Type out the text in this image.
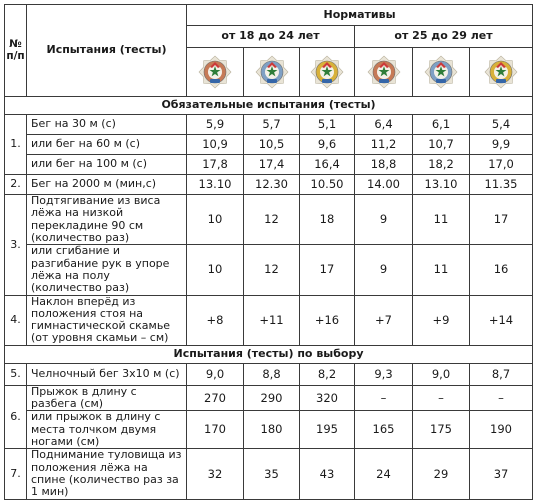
№ п/п	Испытания (тесты)	Нормативы					
		от 18 до 24 лет			от 25 до 29 лет		

Обязательные испытания (тесты)							
1.	Бег на 30 м (с)	5,9	5,7	5,1	6,4	6,1	5,4
	или бег на 60 м (с)	10,9	10,5	9,6	11,2	10,7	9,9
	или бег на 100 м (с)	17,8	17,4	16,4	18,8	18,2	17,0
2.	Бег на 2000 м (мин,с)	13.10	12.30	10.50	14.00	13.10	11.35
3.	Подтягивание из виса лёжа на низкой перекладине 90 см (количество раз)	10	12	18	9	11	17
	или сгибание и разгибание рук в упоре лёжа на полу (количество раз)	10	12	17	9	11	16
4.	Наклон вперёд из положения стоя на гимнастической скамье (от уровня скамьи – см)	+8	+11	+16	+7	+9	+14
Испытания (тесты) по выбору							
5.	Челночный бег 3х10 м (с)	9,0	8,8	8,2	9,3	9,0	8,7
6.	Прыжок в длину с разбега (см)	270	290	320	–	–	–
	или прыжок в длину с места толчком двумя ногами (см)	170	180	195	165	175	190
7.	Поднимание туловища из положения лёжа на спине (количество раз за 1 мин)	32	35	43	24	29	37
